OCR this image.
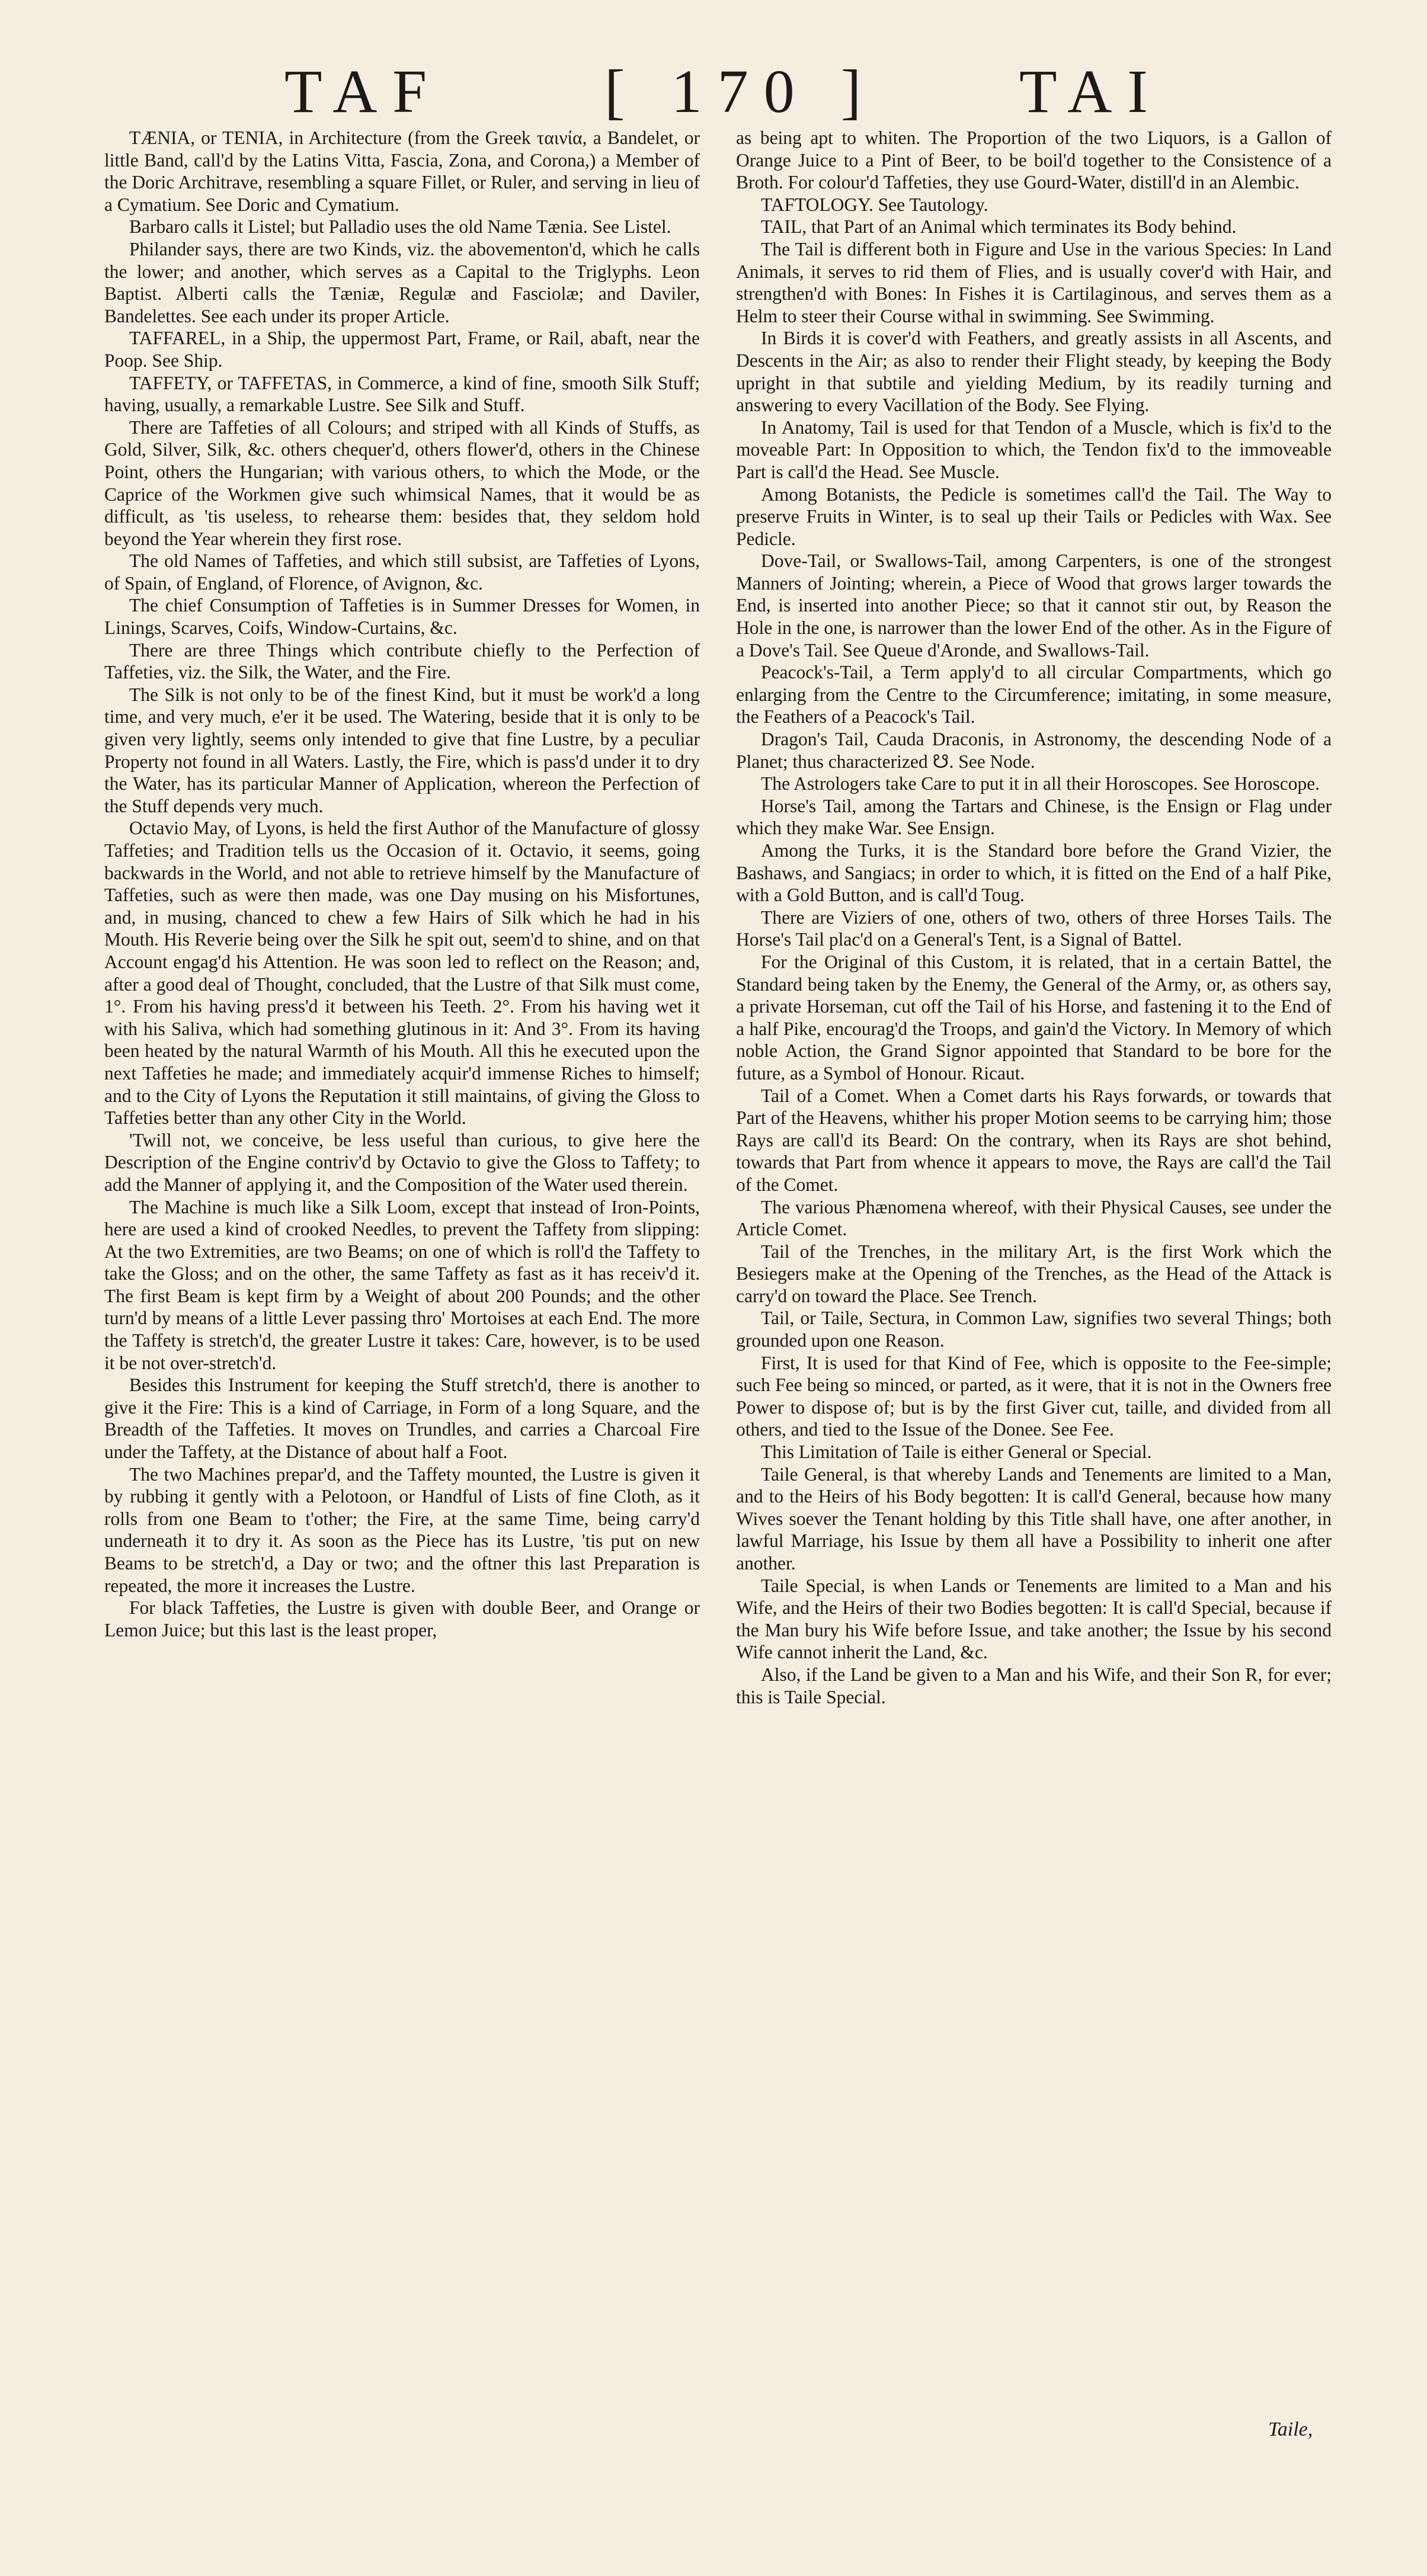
TAF	[ 170 ] TAI

TÆNIA, or TENIA, in Architecture (from the Greek ταινία, a Bandelet, or little Band, call'd by the Latins Vitta, Fascia, Zona, and Corona,) a Member of the Doric Architrave, resembling a square Fillet, or Ruler, and serving in lieu of a Cymatium. See Doric and Cymatium.

Barbaro calls it Listel; but Palladio uses the old Name Tænia. See Listel.

Philander says, there are two Kinds, viz. the abovementon'd, which he calls the lower; and another, which serves as a Capital to the Triglyphs. Leon Baptist. Alberti calls the Tæniæ, Regulæ and Fasciolæ; and Daviler, Bandelettes. See each under its proper Article.

TAFFAREL, in a Ship, the uppermost Part, Frame, or Rail, abaft, near the Poop. See Ship.

TAFFETY, or TAFFETAS, in Commerce, a kind of fine, smooth Silk Stuff; having, usually, a remarkable Lustre. See Silk and Stuff.

There are Taffeties of all Colours; and striped with all Kinds of Stuffs, as Gold, Silver, Silk, &c. others chequer'd, others flower'd, others in the Chinese Point, others the Hungarian; with various others, to which the Mode, or the Caprice of the Workmen give such whimsical Names, that it would be as difficult, as 'tis useless, to rehearse them: besides that, they seldom hold beyond the Year wherein they first rose.

The old Names of Taffeties, and which still subsist, are Taffeties of Lyons, of Spain, of England, of Florence, of Avignon, &c.

The chief Consumption of Taffeties is in Summer Dresses for Women, in Linings, Scarves, Coifs, Window-Curtains, &c.

There are three Things which contribute chiefly to the Perfection of Taffeties, viz. the Silk, the Water, and the Fire.

The Silk is not only to be of the finest Kind, but it must be work'd a long time, and very much, e'er it be used. The Watering, beside that it is only to be given very lightly, seems only intended to give that fine Lustre, by a peculiar Property not found in all Waters. Lastly, the Fire, which is pass'd under it to dry the Water, has its particular Manner of Application, whereon the Perfection of the Stuff depends very much.

Octavio May, of Lyons, is held the first Author of the Manufacture of glossy Taffeties; and Tradition tells us the Occasion of it. Octavio, it seems, going backwards in the World, and not able to retrieve himself by the Manufacture of Taffeties, such as were then made, was one Day musing on his Misfortunes, and, in musing, chanced to chew a few Hairs of Silk which he had in his Mouth. His Reverie being over the Silk he spit out, seem'd to shine, and on that Account engag'd his Attention. He was soon led to reflect on the Reason; and, after a good deal of Thought, concluded, that the Lustre of that Silk must come, 1°. From his having press'd it between his Teeth. 2°. From his having wet it with his Saliva, which had something glutinous in it: And 3°. From its having been heated by the natural Warmth of his Mouth. All this he executed upon the next Taffeties he made; and immediately acquir'd immense Riches to himself; and to the City of Lyons the Reputation it still maintains, of giving the Gloss to Taffeties better than any other City in the World.

'Twill not, we conceive, be less useful than curious, to give here the Description of the Engine contriv'd by Octavio to give the Gloss to Taffety; to add the Manner of applying it, and the Composition of the Water used therein.

The Machine is much like a Silk Loom, except that instead of Iron-Points, here are used a kind of crooked Needles, to prevent the Taffety from slipping: At the two Extremities, are two Beams; on one of which is roll'd the Taffety to take the Gloss; and on the other, the same Taffety as fast as it has receiv'd it. The first Beam is kept firm by a Weight of about 200 Pounds; and the other turn'd by means of a little Lever passing thro' Mortoises at each End. The more the Taffety is stretch'd, the greater Lustre it takes: Care, however, is to be used it be not over-stretch'd.

Besides this Instrument for keeping the Stuff stretch'd, there is another to give it the Fire: This is a kind of Carriage, in Form of a long Square, and the Breadth of the Taffeties. It moves on Trundles, and carries a Charcoal Fire under the Taffety, at the Distance of about half a Foot.

The two Machines prepar'd, and the Taffety mounted, the Lustre is given it by rubbing it gently with a Pelotoon, or Handful of Lists of fine Cloth, as it rolls from one Beam to t'other; the Fire, at the same Time, being carry'd underneath it to dry it. As soon as the Piece has its Lustre, 'tis put on new Beams to be stretch'd, a Day or two; and the oftner this last Preparation is repeated, the more it increases the Lustre.

For black Taffeties, the Lustre is given with double Beer, and Orange or Lemon Juice; but this last is the least proper,

as being apt to whiten. The Proportion of the two Liquors, is a Gallon of Orange Juice to a Pint of Beer, to be boil'd together to the Consistence of a Broth. For colour'd Taffeties, they use Gourd-Water, distill'd in an Alembic.

TAFTOLOGY. See Tautology.

TAIL, that Part of an Animal which terminates its Body behind.

The Tail is different both in Figure and Use in the various Species: In Land Animals, it serves to rid them of Flies, and is usually cover'd with Hair, and strengthen'd with Bones: In Fishes it is Cartilaginous, and serves them as a Helm to steer their Course withal in swimming. See Swimming.

In Birds it is cover'd with Feathers, and greatly assists in all Ascents, and Descents in the Air; as also to render their Flight steady, by keeping the Body upright in that subtile and yielding Medium, by its readily turning and answering to every Vacillation of the Body. See Flying.

In Anatomy, Tail is used for that Tendon of a Muscle, which is fix'd to the moveable Part: In Opposition to which, the Tendon fix'd to the immoveable Part is call'd the Head. See Muscle.

Among Botanists, the Pedicle is sometimes call'd the Tail. The Way to preserve Fruits in Winter, is to seal up their Tails or Pedicles with Wax. See Pedicle.

Dove-Tail, or Swallows-Tail, among Carpenters, is one of the strongest Manners of Jointing; wherein, a Piece of Wood that grows larger towards the End, is inserted into another Piece; so that it cannot stir out, by Reason the Hole in the one, is narrower than the lower End of the other. As in the Figure of a Dove's Tail. See Queue d'Aronde, and Swallows-Tail.

Peacock's-Tail, a Term apply'd to all circular Compartments, which go enlarging from the Centre to the Circumference; imitating, in some measure, the Feathers of a Peacock's Tail.

Dragon's Tail, Cauda Draconis, in Astronomy, the descending Node of a Planet; thus characterized ☋. See Node.

The Astrologers take Care to put it in all their Horoscopes. See Horoscope.

Horse's Tail, among the Tartars and Chinese, is the Ensign or Flag under which they make War. See Ensign.

Among the Turks, it is the Standard bore before the Grand Vizier, the Bashaws, and Sangiacs; in order to which, it is fitted on the End of a half Pike, with a Gold Button, and is call'd Toug.

There are Viziers of one, others of two, others of three Horses Tails. The Horse's Tail plac'd on a General's Tent, is a Signal of Battel.

For the Original of this Custom, it is related, that in a certain Battel, the Standard being taken by the Enemy, the General of the Army, or, as others say, a private Horseman, cut off the Tail of his Horse, and fastening it to the End of a half Pike, encourag'd the Troops, and gain'd the Victory. In Memory of which noble Action, the Grand Signor appointed that Standard to be bore for the future, as a Symbol of Honour. Ricaut.

Tail of a Comet. When a Comet darts his Rays forwards, or towards that Part of the Heavens, whither his proper Motion seems to be carrying him; those Rays are call'd its Beard: On the contrary, when its Rays are shot behind, towards that Part from whence it appears to move, the Rays are call'd the Tail of the Comet.

The various Phænomena whereof, with their Physical Causes, see under the Article Comet.

Tail of the Trenches, in the military Art, is the first Work which the Besiegers make at the Opening of the Trenches, as the Head of the Attack is carry'd on toward the Place. See Trench.

Tail, or Taile, Sectura, in Common Law, signifies two several Things; both grounded upon one Reason.

First, It is used for that Kind of Fee, which is opposite to the Fee-simple; such Fee being so minced, or parted, as it were, that it is not in the Owners free Power to dispose of; but is by the first Giver cut, taille, and divided from all others, and tied to the Issue of the Donee. See Fee.

This Limitation of Taile is either General or Special.

Taile General, is that whereby Lands and Tenements are limited to a Man, and to the Heirs of his Body begotten: It is call'd General, because how many Wives soever the Tenant holding by this Title shall have, one after another, in lawful Marriage, his Issue by them all have a Possibility to inherit one after another.

Taile Special, is when Lands or Tenements are limited to a Man and his Wife, and the Heirs of their two Bodies begotten: It is call'd Special, because if the Man bury his Wife before Issue, and take another; the Issue by his second Wife cannot inherit the Land, &c.

Also, if the Land be given to a Man and his Wife, and their Son R, for ever; this is Taile Special.

Taile,
